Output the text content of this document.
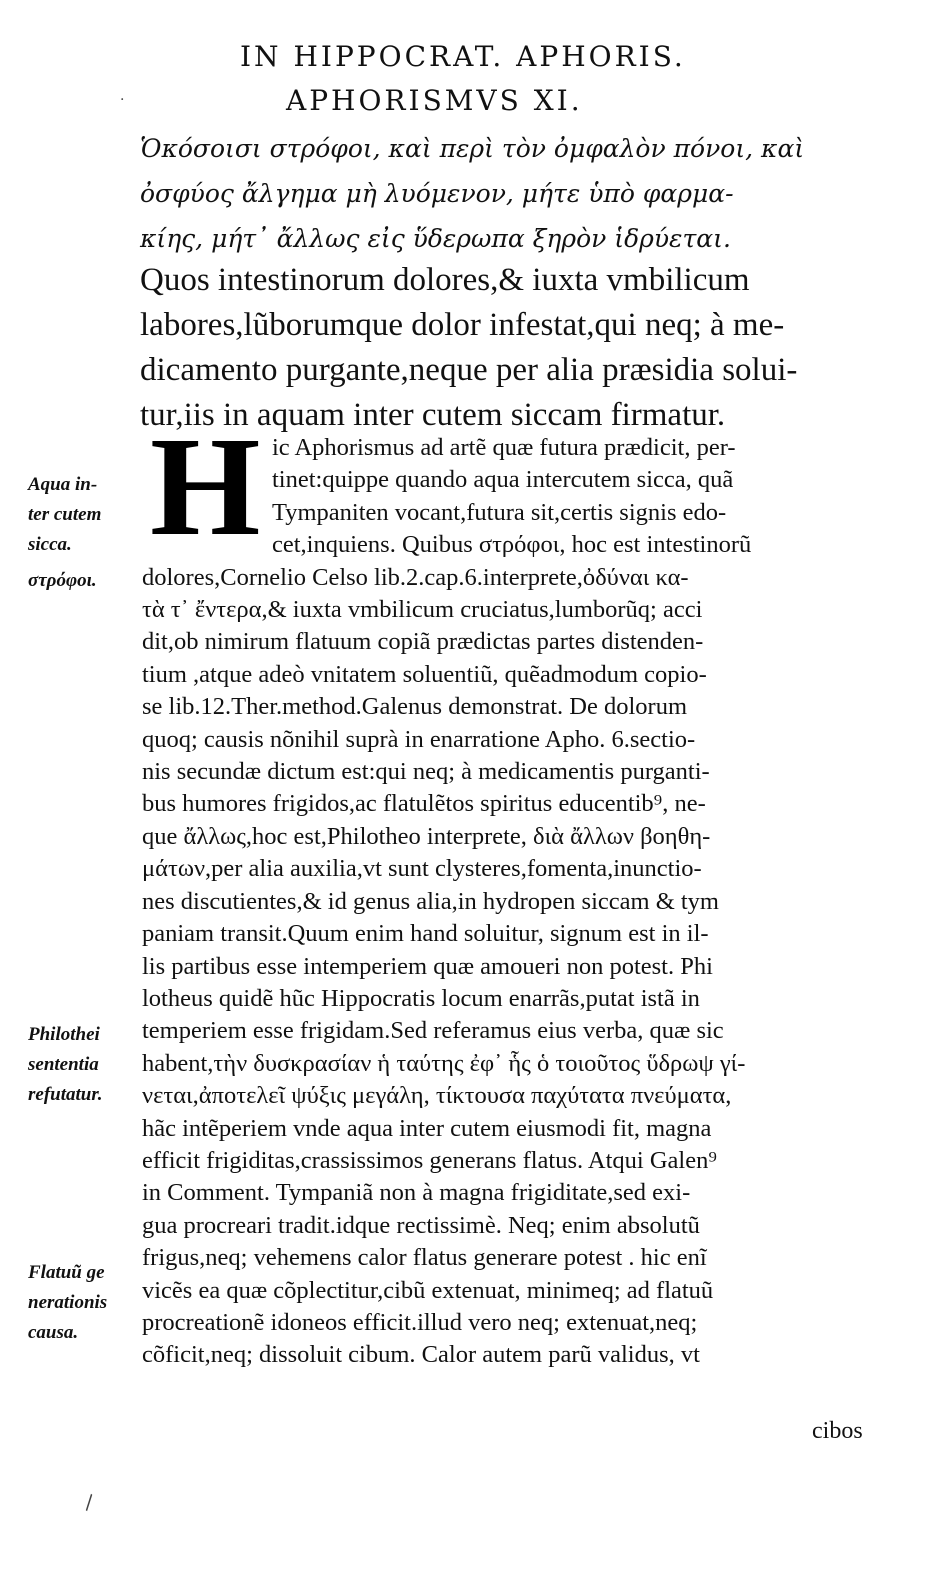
IN HIPPOCRAT. APHORIS.
APHORISMVS XI.
Ὁκόσοισι στρόφοι, καὶ περὶ τὸν ὀμφαλὸν πόνοι, καὶ
ὀσφύος ἄλγημα μὴ λυόμενον, μήτε ὑπὸ φαρμα-
κίης, μήτ᾽ ἄλλως εἰς ὕδερωπα ξηρὸν ἱδρύεται.
Quos intestinorum dolores,& iuxta vmbilicum
labores,lũborumque dolor infestat,qui neq; à me-
dicamento purgante,neque per alia præsidia solui-
tur,iis in aquam inter cutem siccam firmatur.
H ic Aphorismus ad artẽ quæ futura prædicit, per-
tinet:quippe quando aqua intercutem sicca, quã
Tympaniten vocant,futura sit,certis signis edo-
cet,inquiens. Quibus στρόφοι, hoc est intestinorũ
dolores,Cornelio Celso lib.2.cap.6.interprete,ὀδύναι κα-
τὰ τ᾽ ἔντερα,& iuxta vmbilicum cruciatus,lumborũq; acci
dit,ob nimirum flatuum copiã prædictas partes distenden-
tium ,atque adeò vnitatem soluentiũ, quẽadmodum copio-
se lib.12.Ther.method.Galenus demonstrat. De dolorum
quoq; causis nõnihil suprà in enarratione Apho. 6.sectio-
nis secundæ dictum est:qui neq; à medicamentis purganti-
bus humores frigidos,ac flatulẽtos spiritus educentib⁹, ne-
que ἄλλως,hoc est,Philotheo interprete, διὰ ἄλλων βοηθη-
μάτων,per alia auxilia,vt sunt clysteres,fomenta,inunctio-
nes discutientes,& id genus alia,in hydropen siccam & tym
paniam transit.Quum enim hand soluitur, signum est in il-
lis partibus esse intemperiem quæ amoueri non potest. Phi
lotheus quidẽ hũc Hippocratis locum enarrãs,putat istã in
temperiem esse frigidam.Sed referamus eius verba, quæ sic
habent,τὴν δυσκρασίαν ἡ ταύτης ἐφ᾽ ἧς ὁ τοιοῦτος ὕδρωψ γί-
νεται,ἀποτελεῖ ψύξις μεγάλη, τίκτουσα παχύτατα πνεύματα,
hãc intẽperiem vnde aqua inter cutem eiusmodi fit, magna
efficit frigiditas,crassissimos generans flatus. Atqui Galen⁹
in Comment. Tympaniã non à magna frigiditate,sed exi-
gua procreari tradit.idque rectissimè. Neq; enim absolutũ
frigus,neq; vehemens calor flatus generare potest . hic enĩ
vicẽs ea quæ cõplectitur,cibũ extenuat, minimeq; ad flatuũ
procreationẽ idoneos efficit.illud vero neq; extenuat,neq;
cõficit,neq; dissoluit cibum. Calor autem parũ validus, vt
Aqua in-
ter cutem
sicca.
στρόφοι.
Philothei
sententia
refutatur.
Flatuũ ge
nerationis
causa.
cibos
·
\
